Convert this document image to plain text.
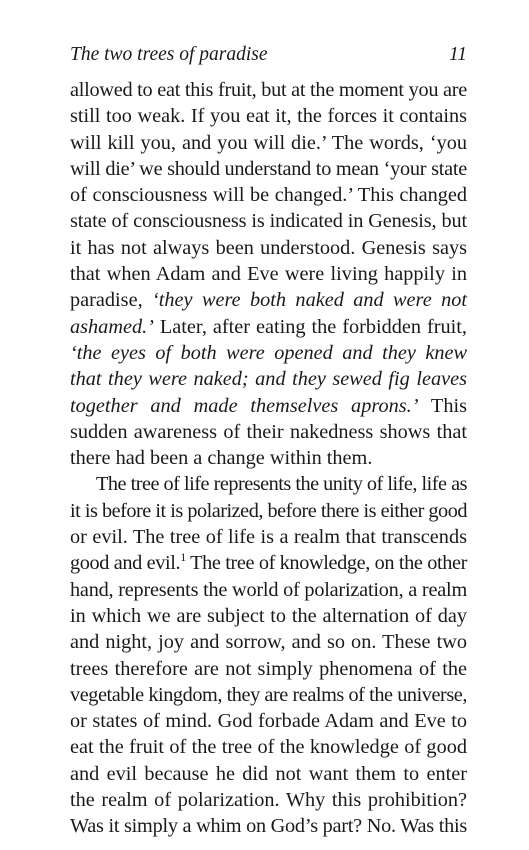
The two trees of paradise	11
allowed to eat this fruit, but at the moment you are
still too weak. If you eat it, the forces it contains
will kill you, and you will die.’ The words, ‘you
will die’ we should understand to mean ‘your state
of consciousness will be changed.’ This changed
state of consciousness is indicated in Genesis, but
it has not always been understood. Genesis says
that when Adam and Eve were living happily in
paradise, ‘they were both naked and were not
ashamed.’ Later, after eating the forbidden fruit,
‘the eyes of both were opened and they knew
that they were naked; and they sewed fig leaves
together and made themselves aprons.’ This
sudden awareness of their nakedness shows that
there had been a change within them.
The tree of life represents the unity of life, life as
it is before it is polarized, before there is either good
or evil. The tree of life is a realm that transcends
good and evil.$^1$ The tree of knowledge, on the other
hand, represents the world of polarization, a realm
in which we are subject to the alternation of day
and night, joy and sorrow, and so on. These two
trees therefore are not simply phenomena of the
vegetable kingdom, they are realms of the universe,
or states of mind. God forbade Adam and Eve to
eat the fruit of the tree of the knowledge of good
and evil because he did not want them to enter
the realm of polarization. Why this prohibition?
Was it simply a whim on God’s part? No. Was this
